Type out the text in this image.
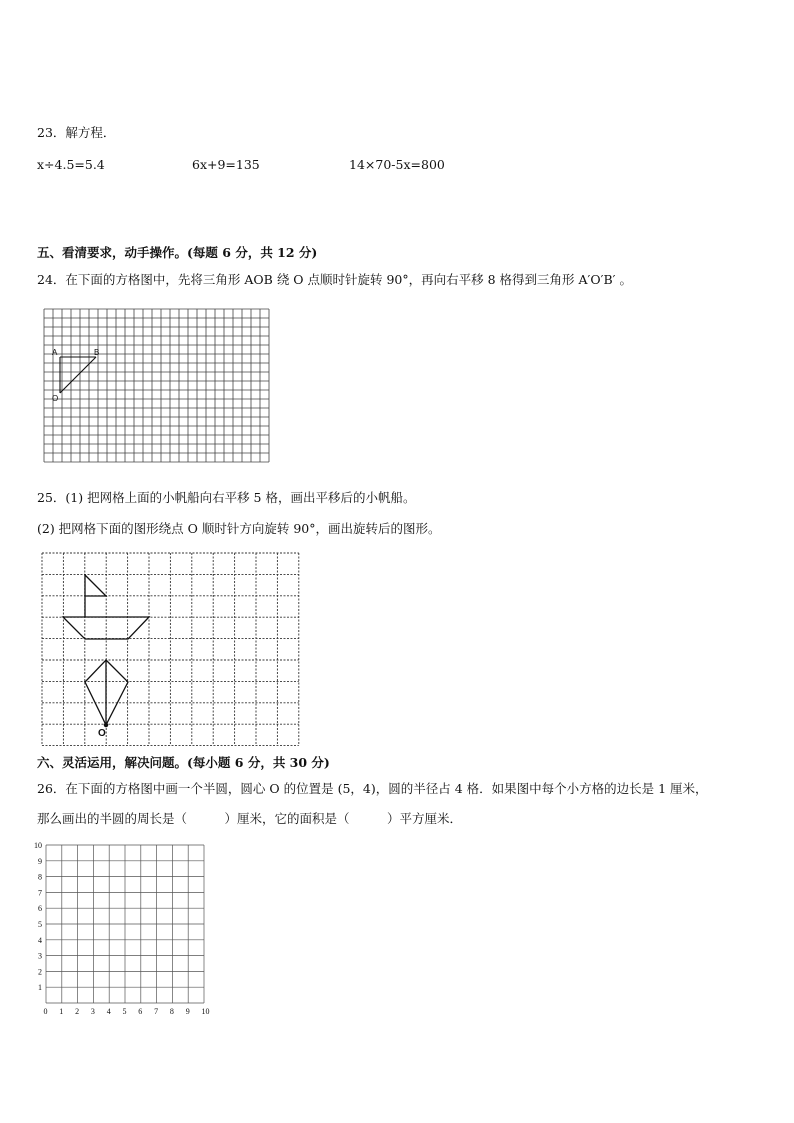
23．解方程．
x÷4.5=5.4	6x+9=135	14×70-5x=800
五、看清要求，动手操作。(每题 6 分，共 12 分)
24．在下面的方格图中，先将三角形 AOB 绕 O 点顺时针旋转 90°，再向右平移 8 格得到三角形 A′O′B′ 。
A	B
O
25．(1) 把网格上面的小帆船向右平移 5 格，画出平移后的小帆船。
(2) 把网格下面的图形绕点 O 顺时针方向旋转 90°，画出旋转后的图形。
O
六、灵活运用，解决问题。(每小题 6 分，共 30 分)
26．在下面的方格图中画一个半圆，圆心 O 的位置是 (5，4)，圆的半径占 4 格．如果图中每个小方格的边长是 1 厘米，
那么画出的半圆的周长是（　　　）厘米，它的面积是（　　　）平方厘米．
0 1 2 3 4 5 6 7 8 9 10
1
2
3
4
5
6
7
8
9
10
